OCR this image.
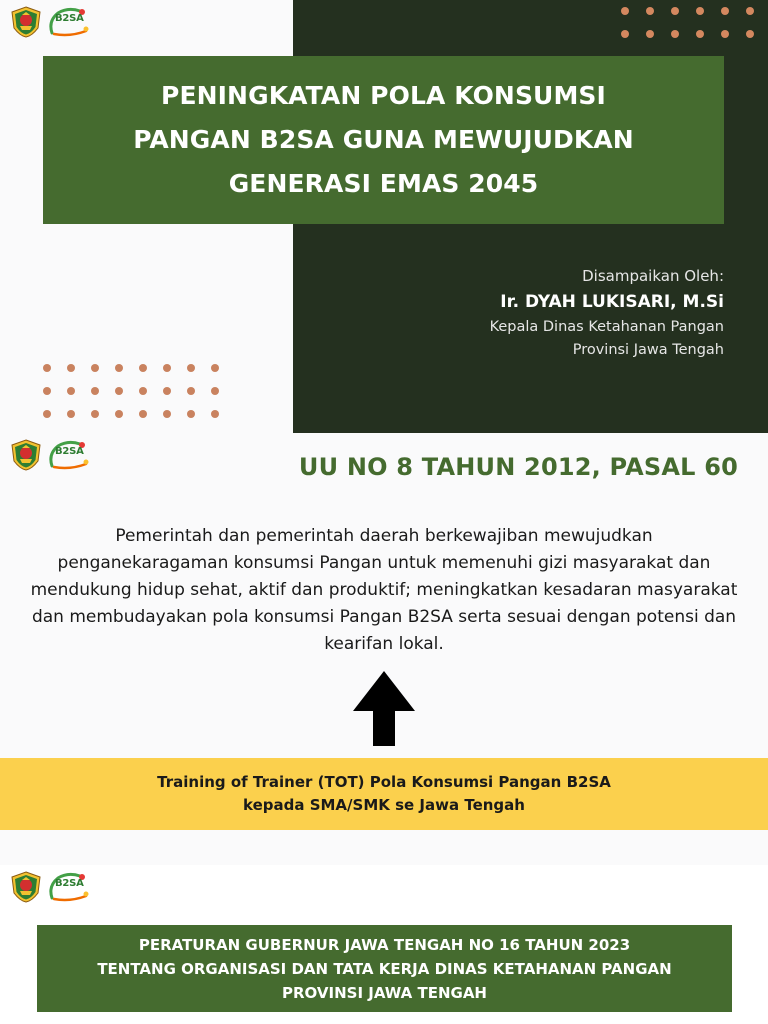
B2SA
PENINGKATAN POLA KONSUMSI
PANGAN B2SA GUNA MEWUJUDKAN
GENERASI EMAS 2045
Disampaikan Oleh:
Ir. DYAH LUKISARI, M.Si
Kepala Dinas Ketahanan Pangan
Provinsi Jawa Tengah
B2SA
UU NO 8 TAHUN 2012, PASAL 60

Pemerintah dan pemerintah daerah berkewajiban mewujudkan penganekaragaman konsumsi Pangan untuk memenuhi gizi masyarakat dan mendukung hidup sehat, aktif dan produktif; meningkatkan kesadaran masyarakat dan membudayakan pola konsumsi Pangan B2SA serta sesuai dengan potensi dan kearifan lokal.

Training of Trainer (TOT) Pola Konsumsi Pangan B2SA
kepada SMA/SMK se Jawa Tengah
B2SA
PERATURAN GUBERNUR JAWA TENGAH NO 16 TAHUN 2023
TENTANG ORGANISASI DAN TATA KERJA DINAS KETAHANAN PANGAN
PROVINSI JAWA TENGAH
